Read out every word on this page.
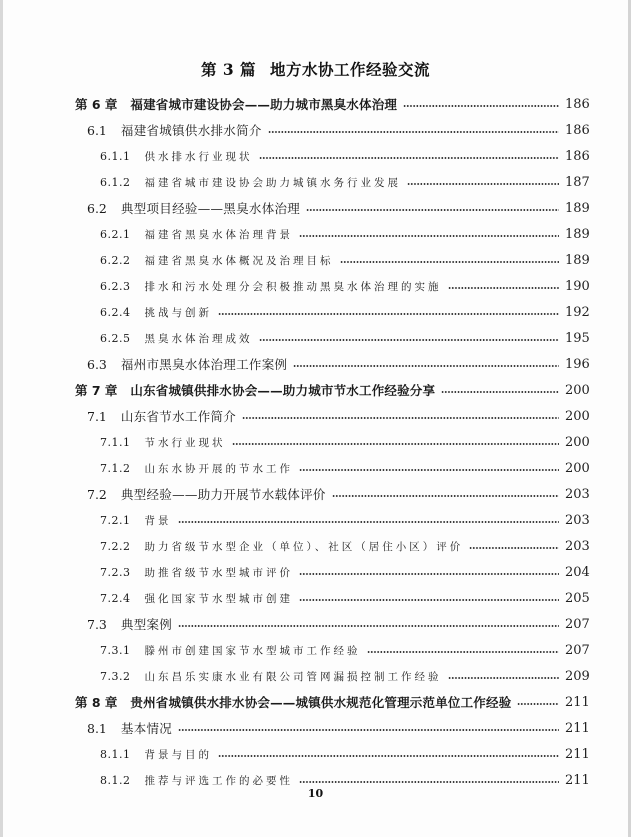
第 3 篇 地方水协工作经验交流
第 6 章 福建省城市建设协会——助力城市黑臭水体治理	186
6.1 福建省城镇供水排水简介	186
6.1.1 供水排水行业现状	186
6.1.2 福建省城市建设协会助力城镇水务行业发展	187
6.2 典型项目经验——黑臭水体治理	189
6.2.1 福建省黑臭水体治理背景	189
6.2.2 福建省黑臭水体概况及治理目标	189
6.2.3 排水和污水处理分会积极推动黑臭水体治理的实施	190
6.2.4 挑战与创新	192
6.2.5 黑臭水体治理成效	195
6.3 福州市黑臭水体治理工作案例	196
第 7 章 山东省城镇供排水协会——助力城市节水工作经验分享	200
7.1 山东省节水工作简介	200
7.1.1 节水行业现状	200
7.1.2 山东水协开展的节水工作	200
7.2 典型经验——助力开展节水载体评价	203
7.2.1 背景	203
7.2.2 助力省级节水型企业（单位）、社区（居住小区）评价	203
7.2.3 助推省级节水型城市评价	204
7.2.4 强化国家节水型城市创建	205
7.3 典型案例	207
7.3.1 滕州市创建国家节水型城市工作经验	207
7.3.2 山东昌乐实康水业有限公司管网漏损控制工作经验	209
第 8 章 贵州省城镇供水排水协会——城镇供水规范化管理示范单位工作经验	211
8.1 基本情况	211
8.1.1 背景与目的	211
8.1.2 推荐与评选工作的必要性	211
10
